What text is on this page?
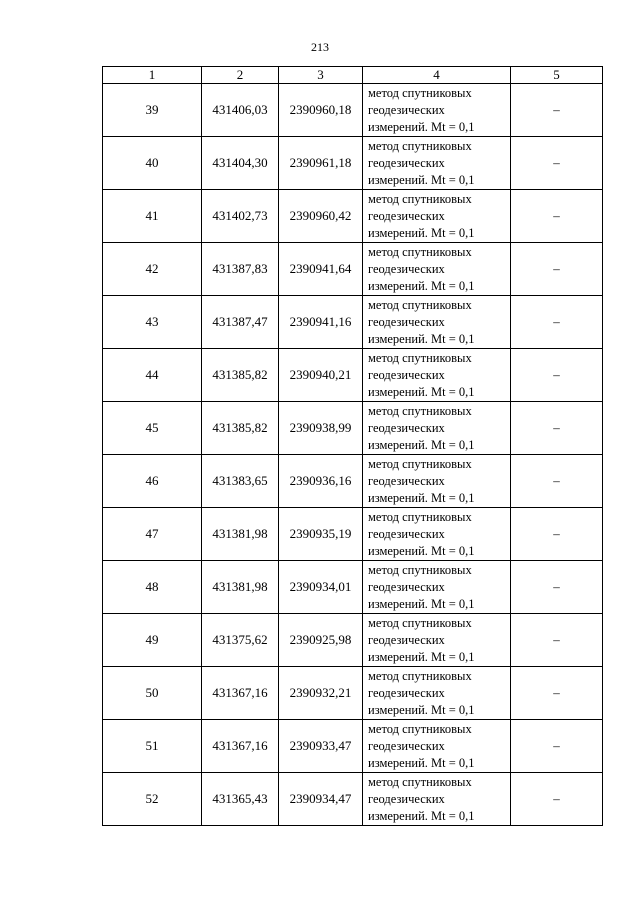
213
1	2	3	4	5
39	431406,03	2390960,18	метод спутниковых
геодезических
измерений. Mt = 0,1	–
40	431404,30	2390961,18	метод спутниковых
геодезических
измерений. Mt = 0,1	–
41	431402,73	2390960,42	метод спутниковых
геодезических
измерений. Mt = 0,1	–
42	431387,83	2390941,64	метод спутниковых
геодезических
измерений. Mt = 0,1	–
43	431387,47	2390941,16	метод спутниковых
геодезических
измерений. Mt = 0,1	–
44	431385,82	2390940,21	метод спутниковых
геодезических
измерений. Mt = 0,1	–
45	431385,82	2390938,99	метод спутниковых
геодезических
измерений. Mt = 0,1	–
46	431383,65	2390936,16	метод спутниковых
геодезических
измерений. Mt = 0,1	–
47	431381,98	2390935,19	метод спутниковых
геодезических
измерений. Mt = 0,1	–
48	431381,98	2390934,01	метод спутниковых
геодезических
измерений. Mt = 0,1	–
49	431375,62	2390925,98	метод спутниковых
геодезических
измерений. Mt = 0,1	–
50	431367,16	2390932,21	метод спутниковых
геодезических
измерений. Mt = 0,1	–
51	431367,16	2390933,47	метод спутниковых
геодезических
измерений. Mt = 0,1	–
52	431365,43	2390934,47	метод спутниковых
геодезических
измерений. Mt = 0,1	–
